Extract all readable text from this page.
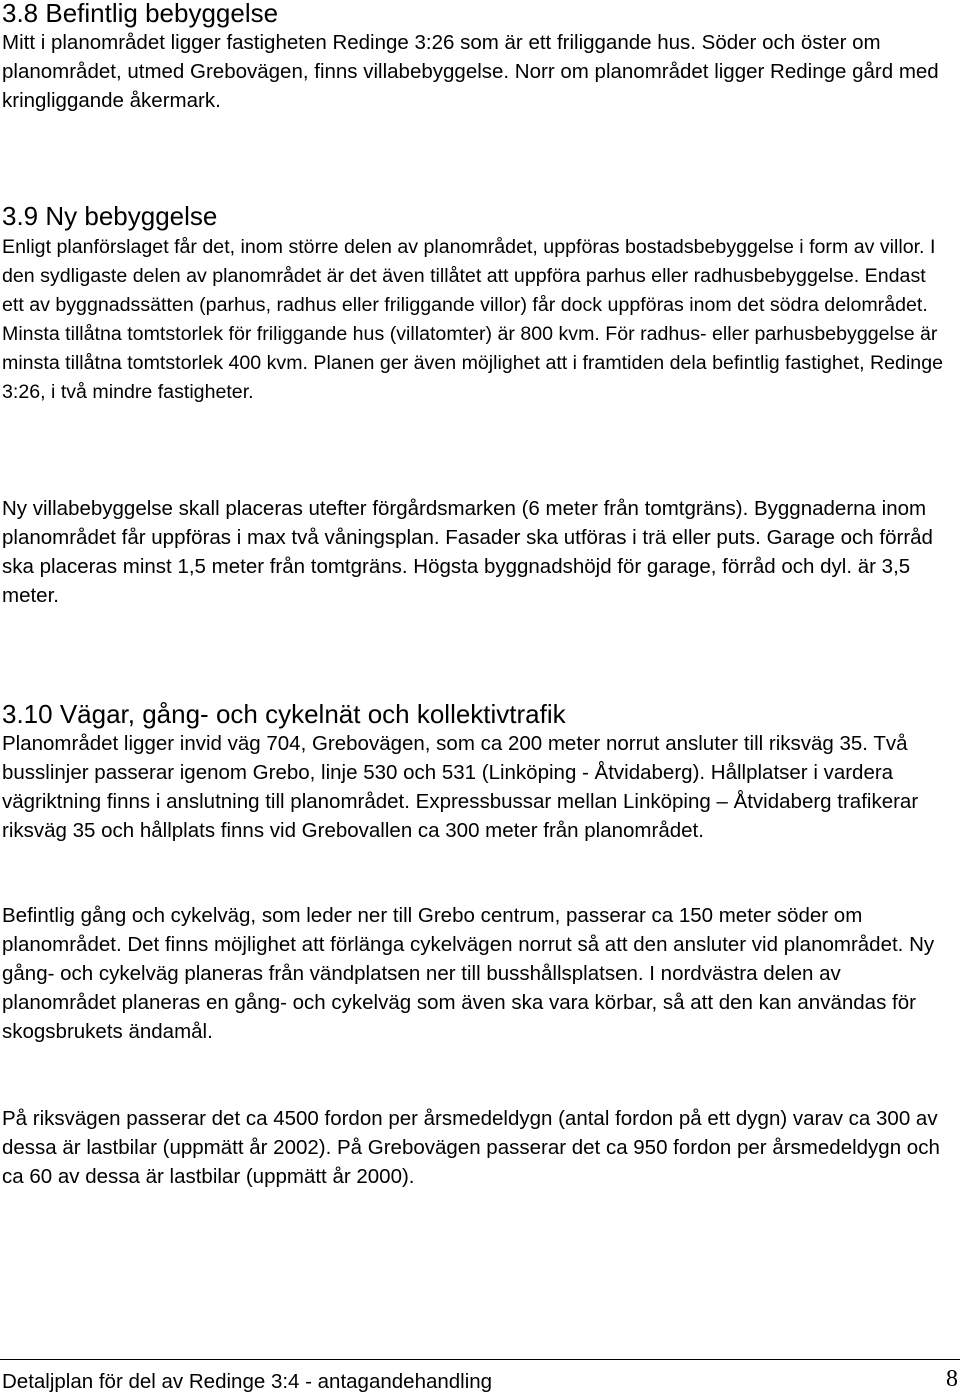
3.8 Befintlig bebyggelse
Mitt i planområdet ligger fastigheten Redinge 3:26 som är ett friliggande hus. Söder och öster om planområdet, utmed Grebovägen, finns villabebyggelse. Norr om planområdet ligger Redinge gård med kringliggande åkermark.
3.9 Ny bebyggelse
Enligt planförslaget får det, inom större delen av planområdet, uppföras bostadsbebyggelse i form av villor. I den sydligaste delen av planområdet är det även tillåtet att uppföra parhus eller radhusbebyggelse. Endast ett av byggnadssätten (parhus, radhus eller friliggande villor) får dock uppföras inom det södra delområdet. Minsta tillåtna tomtstorlek för friliggande hus (villatomter) är 800 kvm. För radhus- eller parhusbebyggelse är minsta tillåtna tomtstorlek 400 kvm. Planen ger även möjlighet att i framtiden dela befintlig fastighet, Redinge 3:26, i två mindre fastigheter.
Ny villabebyggelse skall placeras utefter förgårdsmarken (6 meter från tomtgräns). Byggnaderna inom planområdet får uppföras i max två våningsplan. Fasader ska utföras i trä eller puts. Garage och förråd ska placeras minst 1,5 meter från tomtgräns. Högsta byggnadshöjd för garage, förråd och dyl. är 3,5 meter.
3.10 Vägar, gång- och cykelnät och kollektivtrafik
Planområdet ligger invid väg 704, Grebovägen, som ca 200 meter norrut ansluter till riksväg 35. Två busslinjer passerar igenom Grebo, linje 530 och 531 (Linköping - Åtvidaberg). Hållplatser i vardera vägriktning finns i anslutning till planområdet. Expressbussar mellan Linköping – Åtvidaberg trafikerar riksväg 35 och hållplats finns vid Grebovallen ca 300 meter från planområdet.
Befintlig gång och cykelväg, som leder ner till Grebo centrum, passerar ca 150 meter söder om planområdet. Det finns möjlighet att förlänga cykelvägen norrut så att den ansluter vid planområdet. Ny gång- och cykelväg planeras från vändplatsen ner till busshållsplatsen. I nordvästra delen av planområdet planeras en gång- och cykelväg som även ska vara körbar, så att den kan användas för skogsbrukets ändamål.
På riksvägen passerar det ca 4500 fordon per årsmedeldygn (antal fordon på ett dygn) varav ca 300 av dessa är lastbilar (uppmätt år 2002). På Grebovägen passerar det ca 950 fordon per årsmedeldygn och ca 60 av dessa är lastbilar (uppmätt år 2000).
Detaljplan för del av Redinge 3:4 - antagandehandling	8
